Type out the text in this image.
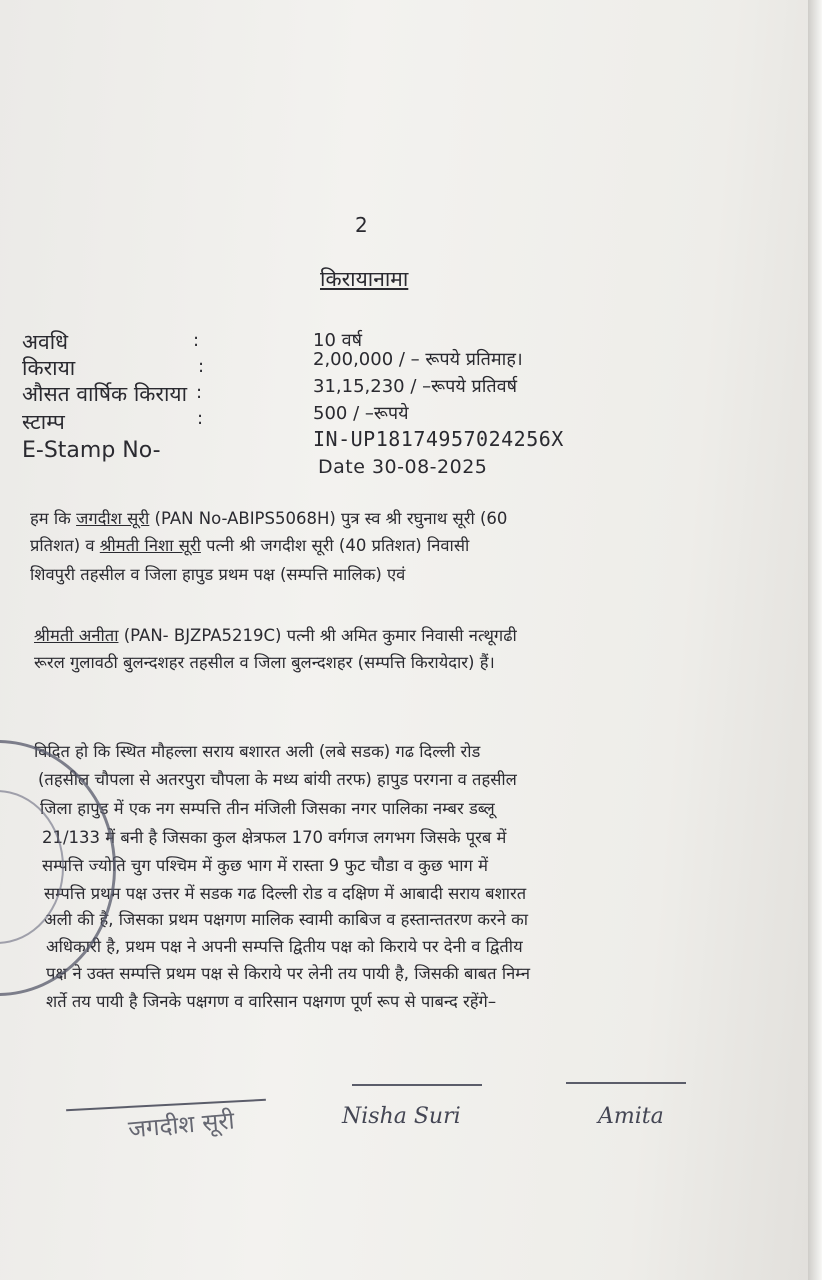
2
किरायानामा
अवधि	:	10 वर्ष
किराया	:	2,00,000 / – रूपये प्रतिमाह।
औसत वार्षिक किराया :	31,15,230 / –रूपये प्रतिवर्ष
स्टाम्प	:	500 / –रूपये
E-Stamp No-	IN-UP18174957024256X
Date 30-08-2025
हम कि जगदीश सूरी (PAN No-ABIPS5068H) पुत्र स्व श्री रघुनाथ सूरी (60
प्रतिशत) व श्रीमती निशा सूरी पत्नी श्री जगदीश सूरी (40 प्रतिशत) निवासी
शिवपुरी तहसील व जिला हापुड प्रथम पक्ष (सम्पत्ति मालिक) एवं
श्रीमती अनीता (PAN- BJZPA5219C) पत्नी श्री अमित कुमार निवासी नत्थूगढी
रूरल गुलावठी बुलन्दशहर तहसील व जिला बुलन्दशहर (सम्पत्ति किरायेदार) हैं।
विदित हो कि स्थित मौहल्ला सराय बशारत अली (लबे सडक) गढ दिल्ली रोड
(तहसील चौपला से अतरपुरा चौपला के मध्य बांयी तरफ) हापुड परगना व तहसील
जिला हापुड में एक नग सम्पत्ति तीन मंजिली जिसका नगर पालिका नम्बर डब्लू
21/133 में बनी है जिसका कुल क्षेत्रफल 170 वर्गगज लगभग जिसके पूरब में
सम्पत्ति ज्योति चुग पश्चिम में कुछ भाग में रास्ता 9 फुट चौडा व कुछ भाग में
सम्पत्ति प्रथम पक्ष उत्तर में सडक गढ दिल्ली रोड व दक्षिण में आबादी सराय बशारत
अली की है, जिसका प्रथम पक्षगण मालिक स्वामी काबिज व हस्तान्ततरण करने का
अधिकारी है, प्रथम पक्ष ने अपनी सम्पत्ति द्वितीय पक्ष को किराये पर देनी व द्वितीय
पक्ष ने उक्त सम्पत्ति प्रथम पक्ष से किराये पर लेनी तय पायी है, जिसकी बाबत निम्न
शर्ते तय पायी है जिनके पक्षगण व वारिसान पक्षगण पूर्ण रूप से पाबन्द रहेंगे–
जगदीश सूरी	Nisha Suri	Amita
